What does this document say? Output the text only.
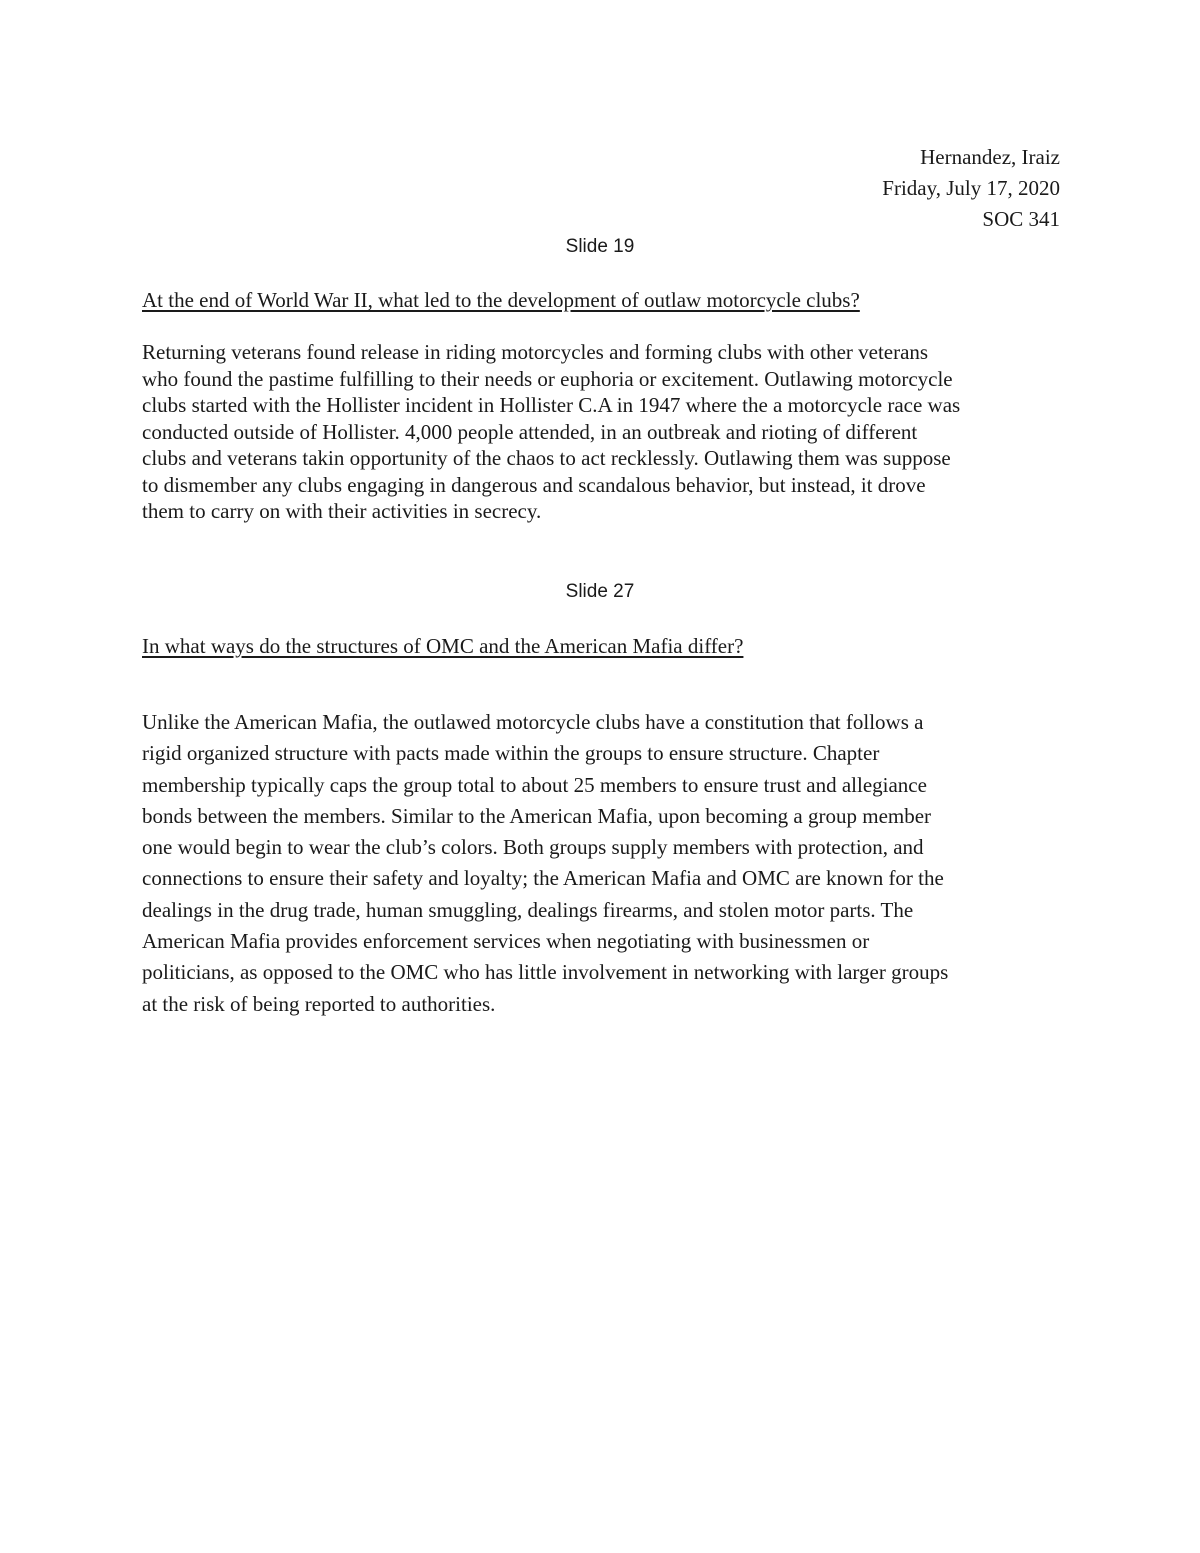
Hernandez, Iraiz
Friday, July 17, 2020
SOC 341
Slide 19
At the end of World War II, what led to the development of outlaw motorcycle clubs?
Returning veterans found release in riding motorcycles and forming clubs with other veterans
who found the pastime fulfilling to their needs or euphoria or excitement. Outlawing motorcycle
clubs started with the Hollister incident in Hollister C.A in 1947 where the a motorcycle race was
conducted outside of Hollister. 4,000 people attended, in an outbreak and rioting of different
clubs and veterans takin opportunity of the chaos to act recklessly. Outlawing them was suppose
to dismember any clubs engaging in dangerous and scandalous behavior, but instead, it drove
them to carry on with their activities in secrecy.
Slide 27
In what ways do the structures of OMC and the American Mafia differ?
Unlike the American Mafia, the outlawed motorcycle clubs have a constitution that follows a
rigid organized structure with pacts made within the groups to ensure structure. Chapter
membership typically caps the group total to about 25 members to ensure trust and allegiance
bonds between the members. Similar to the American Mafia, upon becoming a group member
one would begin to wear the club’s colors. Both groups supply members with protection, and
connections to ensure their safety and loyalty; the American Mafia and OMC are known for the
dealings in the drug trade, human smuggling, dealings firearms, and stolen motor parts. The
American Mafia provides enforcement services when negotiating with businessmen or
politicians, as opposed to the OMC who has little involvement in networking with larger groups
at the risk of being reported to authorities.
